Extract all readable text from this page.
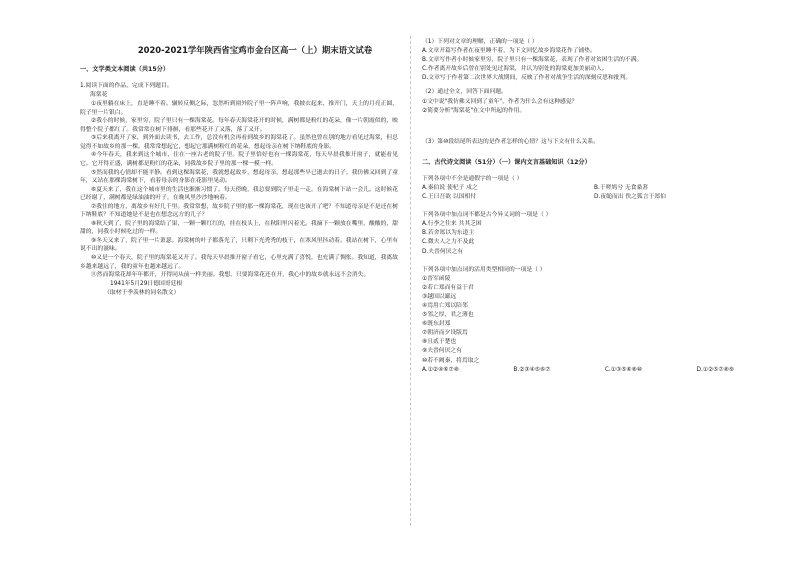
2020-2021学年陕西省宝鸡市金台区高一（上）期末语文试卷
一、文学类文本阅读（共15分）
1.阅读下面的作品，完成下列题目。
海棠花

①夜里躺在床上，直是睡不着。辗转反侧之际，忽然听到窗外院子里一阵声响，我披衣起来，推开门，天上的月亮正圆，院子里一片银白。

②我小的时候，家里穷，院子里只有一棵海棠花。每年春天海棠花开的时候，满树都是粉红的花朵，像一片朝霞似的，映得整个院子都红了。我常常在树下徘徊，看那些花开了又落，落了又开。

③后来我离开了家，到外面去读书，去工作，总没有机会再看到故乡的海棠花了。虽然也曾在别的地方看见过海棠，但总觉得不如故乡的那一棵。我常常想起它，想起它那满树粉红的花朵，想起母亲在树下纳鞋底的身影。

④今年春天，我来到这个城市，住在一座古老的院子里。院子里恰好也有一棵海棠花，每天早晨我推开窗子，就能看见它。它开得正盛，满树都是粉红的花朵，同我故乡院子里的那一棵一模一样。

⑤然而我的心情却不能平静。看到这棵海棠花，我就想起故乡，想起母亲，想起那些早已逝去的日子。我仿佛又回到了童年，又站在那棵海棠树下，看着母亲的身影在花影里晃动。

⑥夏天来了，我在这个城市里的生活也渐渐习惯了。每天傍晚，我总要到院子里走一走，在海棠树下站一会儿。这时候花已经谢了，满树都是绿油油的叶子，在晚风里沙沙地响着。

⑦我住的地方，离故乡有好几千里。我常常想，故乡院子里的那一棵海棠花，现在也该开了吧？不知道母亲是不是还在树下纳鞋底？不知道她是不是也在想念远方的儿子？

⑧秋天到了，院子里的海棠结了果，一颗一颗红红的，挂在枝头上，在秋阳里闪着光。我摘下一颗放在嘴里，酸酸的，甜甜的，同我小时候吃过的一样。

⑨冬天又来了，院子里一片萧瑟。海棠树的叶子都落光了，只剩下光秃秃的枝干，在寒风里抖动着。我站在树下，心里有说不出的滋味。

⑩又是一个春天，院子里的海棠花又开了。我每天早晨推开窗子看它，心里充满了喜悦，也充满了惆怅。我知道，我离故乡越来越远了，我的童年也越来越远了。

⑪然而海棠花却年年都开，开得同从前一样美丽。我想，只要海棠花还在开，我心中的故乡就永远不会消失。

1941年5月29日德国哥廷根
（取材于季羡林的同名散文）
（1）下列对文章的理解，正确的一项是（ ）
A.文章开篇写作者在夜里睡不着，为下文回忆故乡海棠花作了铺垫。
B.文章写作者小时候家里穷，院子里只有一棵海棠花，表现了作者对贫困生活的不满。
C.作者离开故乡后曾在别处见过海棠，并认为别处的海棠更加美丽动人。
D.文章写于作者第二次世界大战期间，反映了作者对战争生活的深刻反思和批判。
（2）通过全文，回答下面问题。
①文中说"我仿佛又回到了童年"，作者为什么会有这种感觉？
②简要分析"海棠花"在文中所起的作用。
（3）第⑩段结尾所表达的是作者怎样的心情？这与下文有什么关系。
二、古代诗文阅读（51分）（一）课内文言基础知识（12分）
下列各项中不全是通假字的一项是（ ）
A.秦伯说 使杞子 戍之	B.于嗟鸠兮 无食桑葚
C.王曰吾欲 以国相付	D.夜缒而出 佚之狐言于郑伯
下列各项中加点词不都是古今异义词的一项是（ ）
A.行李之往来 共其乏困
B.若舍郑以为东道主
C.微夫人之力不及此
D.夫晋何厌之有
下列各项中加点词的活用类型相同的一项是（ ）
①晋军函陵
②若亡郑而有益于君
③越国以鄙远
④焉用亡郑以陪邻
⑤邻之厚，君之薄也
⑥既东封郑
⑦朝济而夕设版焉
⑧且贰于楚也
⑨夫晋何厌之有
⑩若不阙秦，将焉取之
A.①②④⑥⑦⑧	B.②③④⑤⑥⑦	C.①③⑤⑥⑧⑩	D.①②⑤⑦⑧⑨
